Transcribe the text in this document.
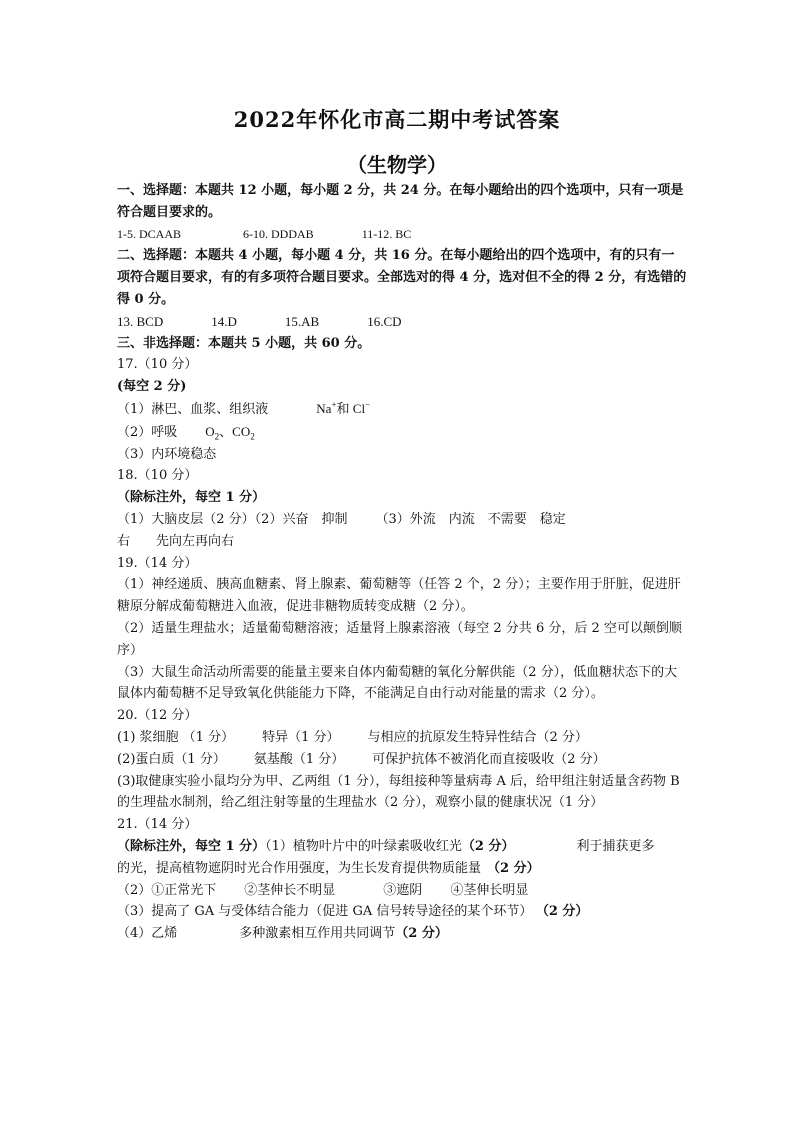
2022年怀化市高二期中考试答案
（生物学）
一、选择题：本题共 12 小题，每小题 2 分，共 24 分。在每小题给出的四个选项中，只有一项是符合题目要求的。
1-5. DCAAB	6-10. DDDAB	11-12. BC
二、选择题：本题共 4 小题，每小题 4 分，共 16 分。在每小题给出的四个选项中，有的只有一项符合题目要求，有的有多项符合题目要求。全部选对的得 4 分，选对但不全的得 2 分，有选错的得 0 分。
13. BCD	14.D	15.AB	16.CD
三、非选择题：本题共 5 小题，共 60 分。
17.（10 分）
(每空 2 分)
（1）淋巴、血浆、组织液	Na+和 Cl−
（2）呼吸 $O_2$、$CO_2$
（3）内环境稳态
18.（10 分）
（除标注外，每空 1 分）
（1）大脑皮层（2 分）（2）兴奋　抑制 （3）外流　内流　不需要　稳定
右　　先向左再向右
19.（14 分）
（1）神经递质、胰高血糖素、肾上腺素、葡萄糖等（任答 2 个，2 分）；主要作用于肝脏，促进肝糖原分解成葡萄糖进入血液，促进非糖物质转变成糖（2 分）。
（2）适量生理盐水；适量葡萄糖溶液；适量肾上腺素溶液（每空 2 分共 6 分，后 2 空可以颠倒顺序）
（3）大鼠生命活动所需要的能量主要来自体内葡萄糖的氧化分解供能（2 分），低血糖状态下的大鼠体内葡萄糖不足导致氧化供能能力下降，不能满足自由行动对能量的需求（2 分）。
20.（12 分）
(1) 浆细胞 （1 分） 特异（1 分） 与相应的抗原发生特异性结合（2 分）
(2)蛋白质（1 分） 氨基酸（1 分） 可保护抗体不被消化而直接吸收（2 分）
(3)取健康实验小鼠均分为甲、乙两组（1 分），每组接种等量病毒 A 后，给甲组注射适量含药物 B 的生理盐水制剂，给乙组注射等量的生理盐水（2 分），观察小鼠的健康状况（1 分）
21.（14 分）
（除标注外，每空 1 分）（1）植物叶片中的叶绿素吸收红光（2 分）	利于捕获更多
的光，提高植物遮阴时光合作用强度，为生长发育提供物质能量 （2 分）
（2）①正常光下 ②茎伸长不明显	③遮阴 ④茎伸长明显
（3）提高了 GA 与受体结合能力（促进 GA 信号转导途径的某个环节） （2 分）
（4）乙烯	多种激素相互作用共同调节（2 分）
